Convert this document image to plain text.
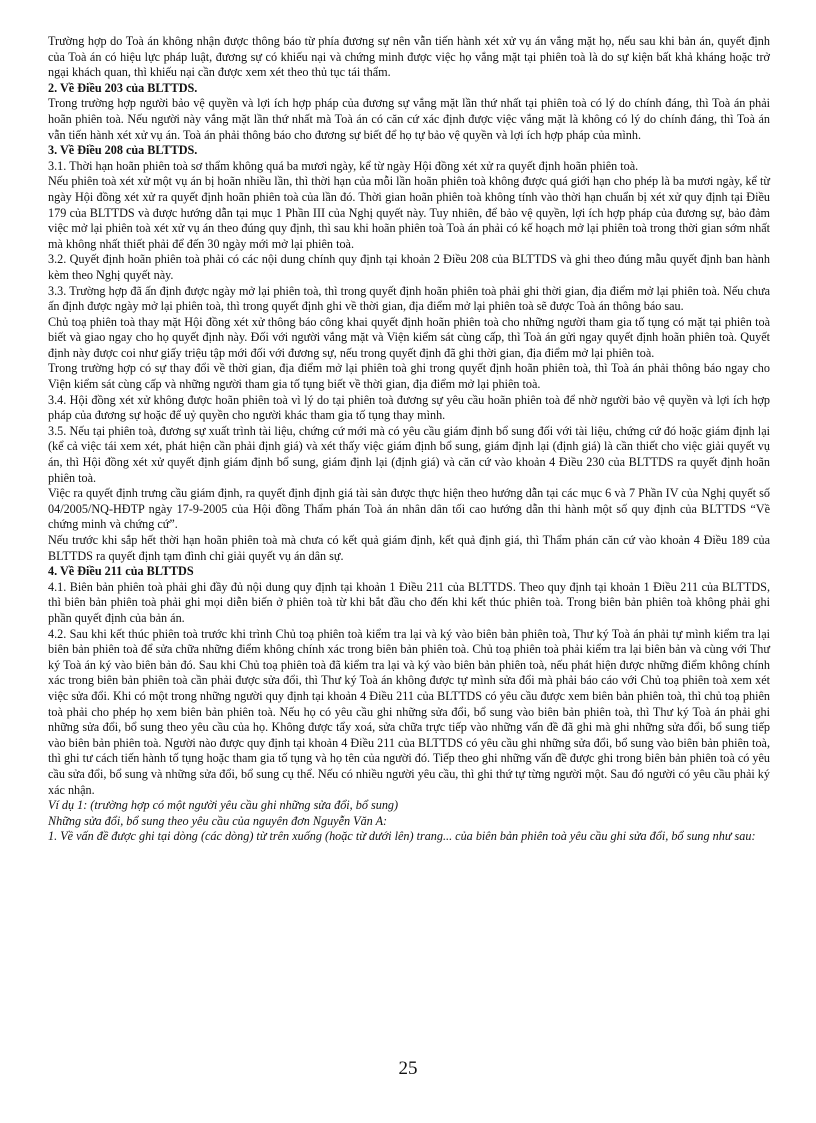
Trường hợp do Toà án không nhận được thông báo từ phía đương sự nên vẫn tiến hành xét xử vụ án vắng mặt họ, nếu sau khi bản án, quyết định của Toà án có hiệu lực pháp luật, đương sự có khiếu nại và chứng minh được việc họ vắng mặt tại phiên toà là do sự kiện bất khả kháng hoặc trở ngại khách quan, thì khiếu nại cần được xem xét theo thủ tục tái thẩm.

2. Về Điều 203 của BLTTDS.

Trong trường hợp người bảo vệ quyền và lợi ích hợp pháp của đương sự vắng mặt lần thứ nhất tại phiên toà có lý do chính đáng, thì Toà án phải hoãn phiên toà. Nếu người này vắng mặt lần thứ nhất mà Toà án có căn cứ xác định được việc vắng mặt là không có lý do chính đáng, thì Toà án vẫn tiến hành xét xử vụ án. Toà án phải thông báo cho đương sự biết để họ tự bảo vệ quyền và lợi ích hợp pháp của mình.

3. Về Điều 208 của BLTTDS.

3.1. Thời hạn hoãn phiên toà sơ thẩm không quá ba mươi ngày, kể từ ngày Hội đồng xét xử ra quyết định hoãn phiên toà.

Nếu phiên toà xét xử một vụ án bị hoãn nhiều lần, thì thời hạn của mỗi lần hoãn phiên toà không được quá giới hạn cho phép là ba mươi ngày, kể từ ngày Hội đồng xét xử ra quyết định hoãn phiên toà của lần đó. Thời gian hoãn phiên toà không tính vào thời hạn chuẩn bị xét xử quy định tại Điều 179 của BLTTDS và được hướng dẫn tại mục 1 Phần III của Nghị quyết này. Tuy nhiên, để bảo vệ quyền, lợi ích hợp pháp của đương sự, bảo đảm việc mở lại phiên toà xét xử vụ án theo đúng quy định, thì sau khi hoãn phiên toà Toà án phải có kế hoạch mở lại phiên toà trong thời gian sớm nhất mà không nhất thiết phải để đến 30 ngày mới mở lại phiên toà.

3.2. Quyết định hoãn phiên toà phải có các nội dung chính quy định tại khoản 2 Điều 208 của BLTTDS và ghi theo đúng mẫu quyết định ban hành kèm theo Nghị quyết này.

3.3. Trường hợp đã ấn định được ngày mở lại phiên toà, thì trong quyết định hoãn phiên toà phải ghi thời gian, địa điểm mở lại phiên toà. Nếu chưa ấn định được ngày mở lại phiên toà, thì trong quyết định ghi về thời gian, địa điểm mở lại phiên toà sẽ được Toà án thông báo sau.

Chủ toạ phiên toà thay mặt Hội đồng xét xử thông báo công khai quyết định hoãn phiên toà cho những người tham gia tố tụng có mặt tại phiên toà biết và giao ngay cho họ quyết định này. Đối với người vắng mặt và Viện kiểm sát cùng cấp, thì Toà án gửi ngay quyết định hoãn phiên toà. Quyết định này được coi như giấy triệu tập mới đối với đương sự, nếu trong quyết định đã ghi thời gian, địa điểm mở lại phiên toà.

Trong trường hợp có sự thay đổi về thời gian, địa điểm mở lại phiên toà ghi trong quyết định hoãn phiên toà, thì Toà án phải thông báo ngay cho Viện kiểm sát cùng cấp và những người tham gia tố tụng biết về thời gian, địa điểm mở lại phiên toà.

3.4. Hội đồng xét xử không được hoãn phiên toà vì lý do tại phiên toà đương sự yêu cầu hoãn phiên toà để nhờ người bảo vệ quyền và lợi ích hợp pháp của đương sự hoặc để uỷ quyền cho người khác tham gia tố tụng thay mình.

3.5. Nếu tại phiên toà, đương sự xuất trình tài liệu, chứng cứ mới mà có yêu cầu giám định bổ sung đối với tài liệu, chứng cứ đó hoặc giám định lại (kể cả việc tái xem xét, phát hiện cần phải định giá) và xét thấy việc giám định bổ sung, giám định lại (định giá) là cần thiết cho việc giải quyết vụ án, thì Hội đồng xét xử quyết định giám định bổ sung, giám định lại (định giá) và căn cứ vào khoản 4 Điều 230 của BLTTDS ra quyết định hoãn phiên toà.

Việc ra quyết định trưng cầu giám định, ra quyết định định giá tài sản được thực hiện theo hướng dẫn tại các mục 6 và 7 Phần IV của Nghị quyết số 04/2005/NQ-HĐTP ngày 17-9-2005 của Hội đồng Thẩm phán Toà án nhân dân tối cao hướng dẫn thi hành một số quy định của BLTTDS “Về chứng minh và chứng cứ”.

Nếu trước khi sắp hết thời hạn hoãn phiên toà mà chưa có kết quả giám định, kết quả định giá, thì Thẩm phán căn cứ vào khoản 4 Điều 189 của BLTTDS ra quyết định tạm đình chỉ giải quyết vụ án dân sự.

4. Về Điều 211 của BLTTDS

4.1. Biên bản phiên toà phải ghi đầy đủ nội dung quy định tại khoản 1 Điều 211 của BLTTDS. Theo quy định tại khoản 1 Điều 211 của BLTTDS, thì biên bản phiên toà phải ghi mọi diễn biến ở phiên toà từ khi bắt đầu cho đến khi kết thúc phiên toà. Trong biên bản phiên toà không phải ghi phần quyết định của bản án.

4.2. Sau khi kết thúc phiên toà trước khi trình Chủ toạ phiên toà kiểm tra lại và ký vào biên bản phiên toà, Thư ký Toà án phải tự mình kiểm tra lại biên bản phiên toà để sửa chữa những điểm không chính xác trong biên bản phiên toà. Chủ toạ phiên toà phải kiểm tra lại biên bản và cùng với Thư ký Toà án ký vào biên bản đó. Sau khi Chủ toạ phiên toà đã kiểm tra lại và ký vào biên bản phiên toà, nếu phát hiện được những điểm không chính xác trong biên bản phiên toà cần phải được sửa đổi, thì Thư ký Toà án không được tự mình sửa đổi mà phải báo cáo với Chủ toạ phiên toà xem xét việc sửa đổi. Khi có một trong những người quy định tại khoản 4 Điều 211 của BLTTDS có yêu cầu được xem biên bản phiên toà, thì chủ toạ phiên toà phải cho phép họ xem biên bản phiên toà. Nếu họ có yêu cầu ghi những sửa đổi, bổ sung vào biên bản phiên toà, thì Thư ký Toà án phải ghi những sửa đổi, bổ sung theo yêu cầu của họ. Không được tẩy xoá, sửa chữa trực tiếp vào những vấn đề đã ghi mà ghi những sửa đổi, bổ sung tiếp vào biên bản phiên toà. Người nào được quy định tại khoản 4 Điều 211 của BLTTDS có yêu cầu ghi những sửa đổi, bổ sung vào biên bản phiên toà, thì ghi tư cách tiến hành tố tụng hoặc tham gia tố tụng và họ tên của người đó. Tiếp theo ghi những vấn đề được ghi trong biên bản phiên toà có yêu cầu sửa đổi, bổ sung và những sửa đổi, bổ sung cụ thể. Nếu có nhiều người yêu cầu, thì ghi thứ tự từng người một. Sau đó người có yêu cầu phải ký xác nhận.

Ví dụ 1: (trường hợp có một người yêu cầu ghi những sửa đổi, bổ sung)

Những sửa đổi, bổ sung theo yêu cầu của nguyên đơn Nguyễn Văn A:

1. Về vấn đề được ghi tại dòng (các dòng) từ trên xuống (hoặc từ dưới lên) trang... của biên bản phiên toà yêu cầu ghi sửa đổi, bổ sung như sau:

25
